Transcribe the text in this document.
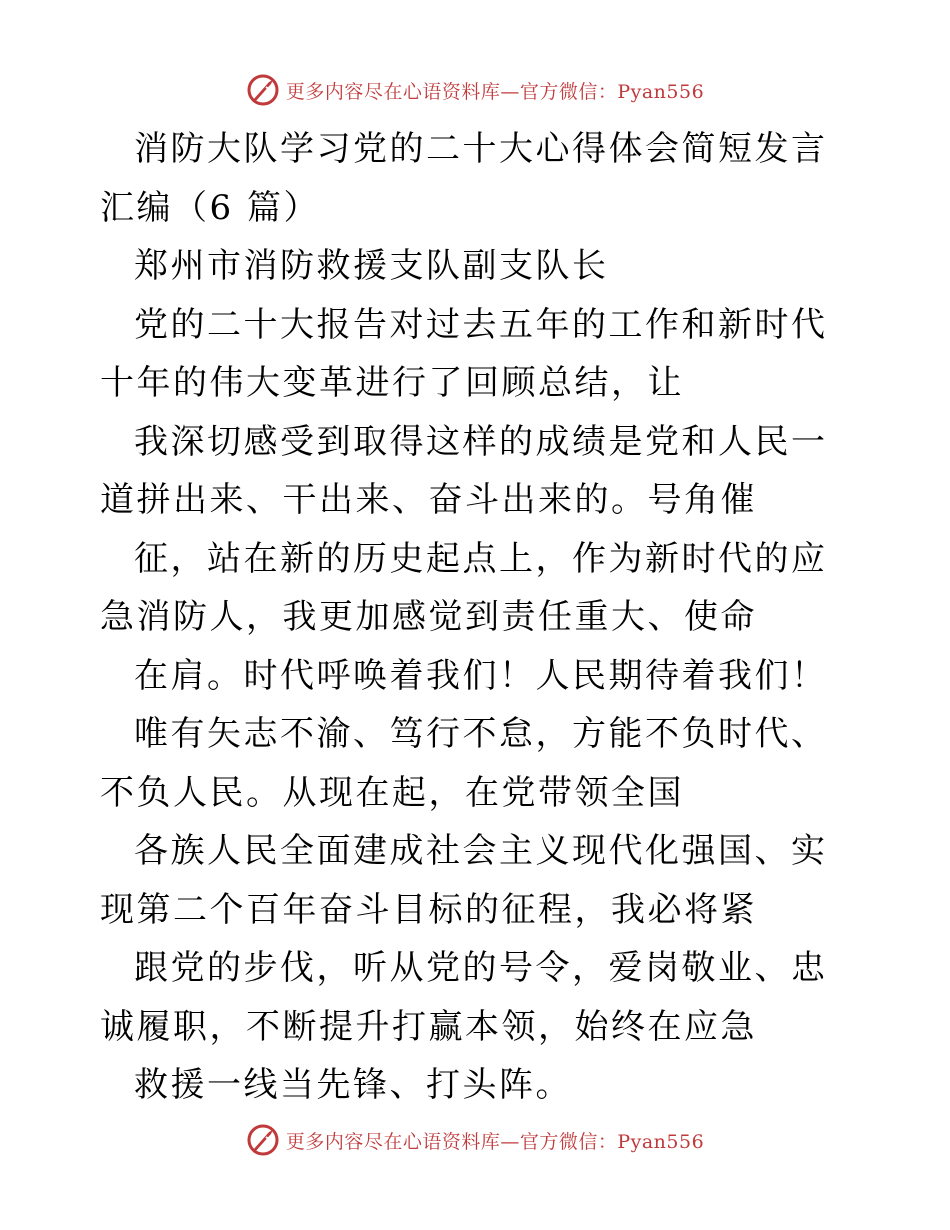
更多内容尽在心语资料库—官方微信：Pyan556

消防大队学习党的二十大心得体会简短发言汇编（6 篇）

郑州市消防救援支队副支队长

党的二十大报告对过去五年的工作和新时代十年的伟大变革进行了回顾总结，让

我深切感受到取得这样的成绩是党和人民一道拼出来、干出来、奋斗出来的。号角催

征，站在新的历史起点上，作为新时代的应急消防人，我更加感觉到责任重大、使命

在肩。时代呼唤着我们！人民期待着我们！

唯有矢志不渝、笃行不怠，方能不负时代、不负人民。从现在起，在党带领全国

各族人民全面建成社会主义现代化强国、实现第二个百年奋斗目标的征程，我必将紧

跟党的步伐，听从党的号令，爱岗敬业、忠诚履职，不断提升打赢本领，始终在应急

救援一线当先锋、打头阵。

更多内容尽在心语资料库—官方微信：Pyan556
